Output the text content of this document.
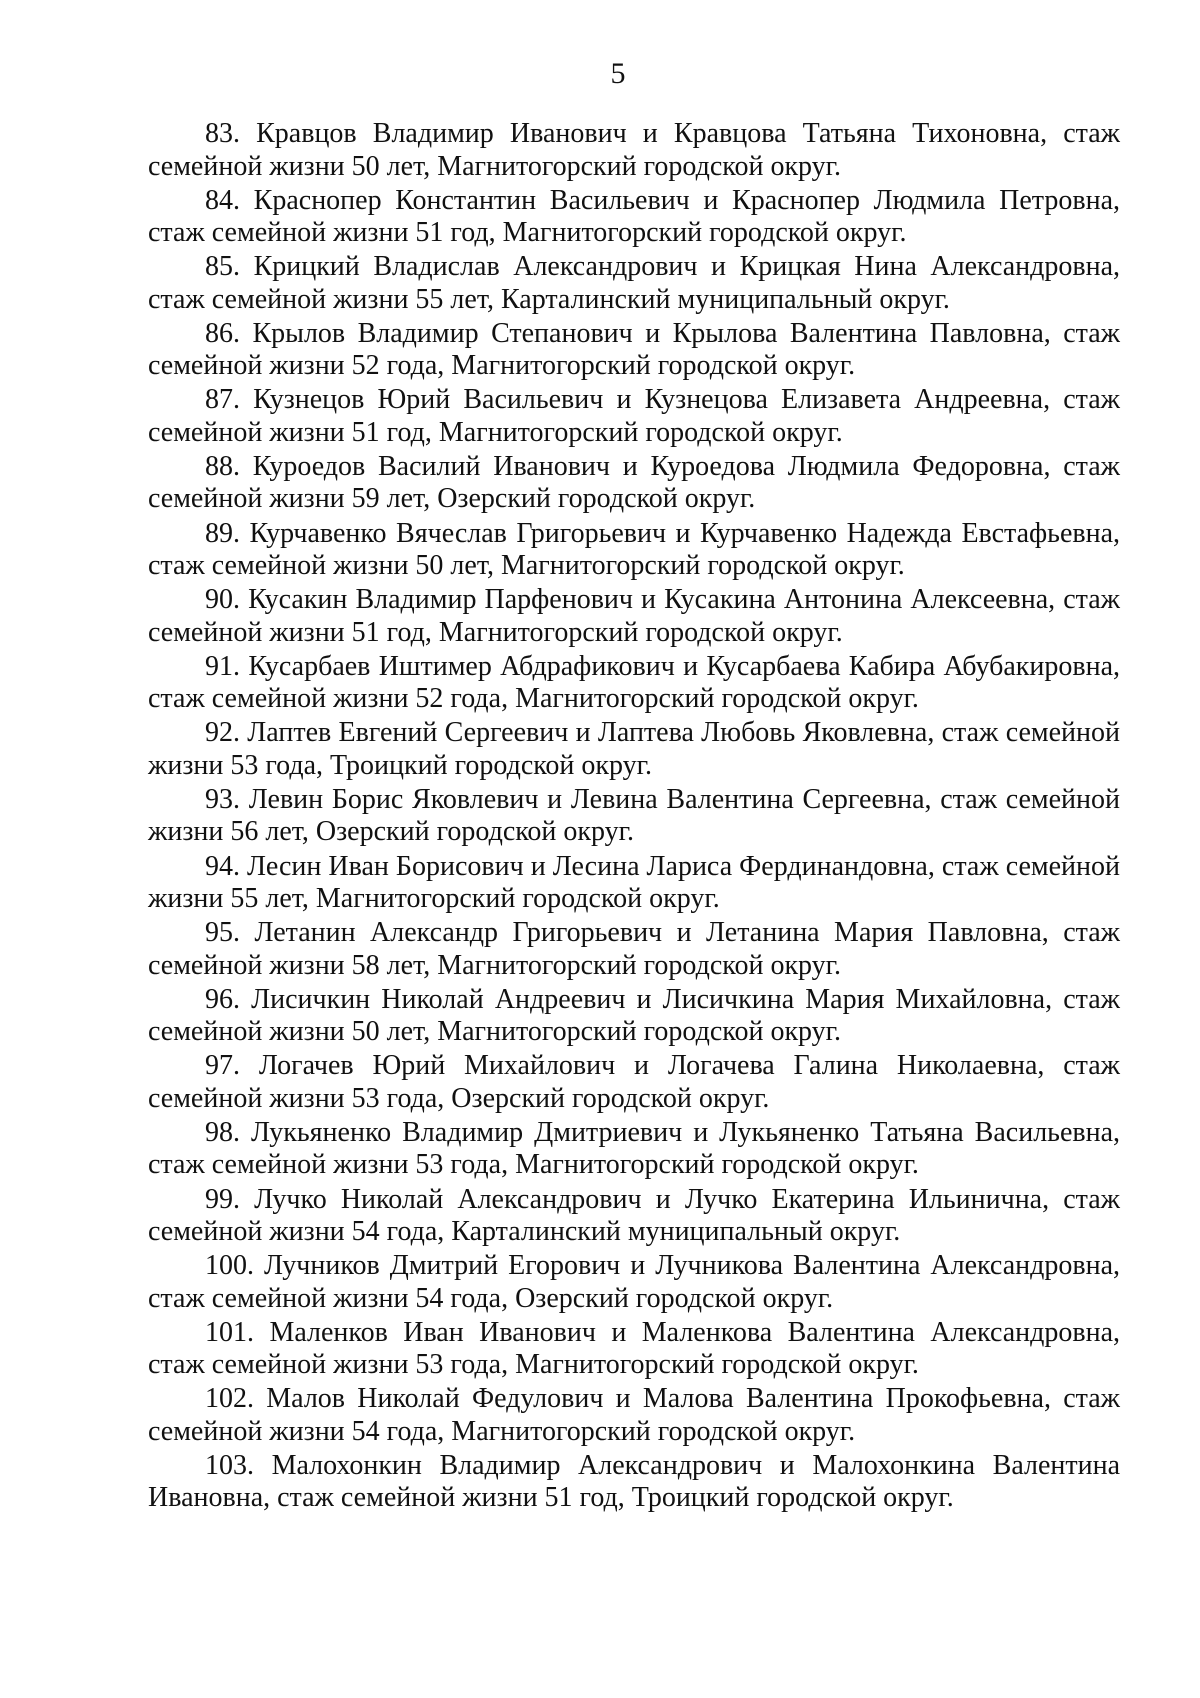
5

83. Кравцов Владимир Иванович и Кравцова Татьяна Тихоновна, стаж семейной жизни 50 лет, Магнитогорский городской округ.

84. Краснопер Константин Васильевич и Краснопер Людмила Петровна, стаж семейной жизни 51 год, Магнитогорский городской округ.

85. Крицкий Владислав Александрович и Крицкая Нина Александровна, стаж семейной жизни 55 лет, Карталинский муниципальный округ.

86. Крылов Владимир Степанович и Крылова Валентина Павловна, стаж семейной жизни 52 года, Магнитогорский городской округ.

87. Кузнецов Юрий Васильевич и Кузнецова Елизавета Андреевна, стаж семейной жизни 51 год, Магнитогорский городской округ.

88. Куроедов Василий Иванович и Куроедова Людмила Федоровна, стаж семейной жизни 59 лет, Озерский городской округ.

89. Курчавенко Вячеслав Григорьевич и Курчавенко Надежда Евстафьевна, стаж семейной жизни 50 лет, Магнитогорский городской округ.

90. Кусакин Владимир Парфенович и Кусакина Антонина Алексеевна, стаж семейной жизни 51 год, Магнитогорский городской округ.

91. Кусарбаев Иштимер Абдрафикович и Кусарбаева Кабира Абубакировна, стаж семейной жизни 52 года, Магнитогорский городской округ.

92. Лаптев Евгений Сергеевич и Лаптева Любовь Яковлевна, стаж семейной жизни 53 года, Троицкий городской округ.

93. Левин Борис Яковлевич и Левина Валентина Сергеевна, стаж семейной жизни 56 лет, Озерский городской округ.

94. Лесин Иван Борисович и Лесина Лариса Фердинандовна, стаж семейной жизни 55 лет, Магнитогорский городской округ.

95. Летанин Александр Григорьевич и Летанина Мария Павловна, стаж семейной жизни 58 лет, Магнитогорский городской округ.

96. Лисичкин Николай Андреевич и Лисичкина Мария Михайловна, стаж семейной жизни 50 лет, Магнитогорский городской округ.

97. Логачев Юрий Михайлович и Логачева Галина Николаевна, стаж семейной жизни 53 года, Озерский городской округ.

98. Лукьяненко Владимир Дмитриевич и Лукьяненко Татьяна Васильевна, стаж семейной жизни 53 года, Магнитогорский городской округ.

99. Лучко Николай Александрович и Лучко Екатерина Ильинична, стаж семейной жизни 54 года, Карталинский муниципальный округ.

100. Лучников Дмитрий Егорович и Лучникова Валентина Александровна, стаж семейной жизни 54 года, Озерский городской округ.

101. Маленков Иван Иванович и Маленкова Валентина Александровна, стаж семейной жизни 53 года, Магнитогорский городской округ.

102. Малов Николай Федулович и Малова Валентина Прокофьевна, стаж семейной жизни 54 года, Магнитогорский городской округ.

103. Малохонкин Владимир Александрович и Малохонкина Валентина Ивановна, стаж семейной жизни 51 год, Троицкий городской округ.
